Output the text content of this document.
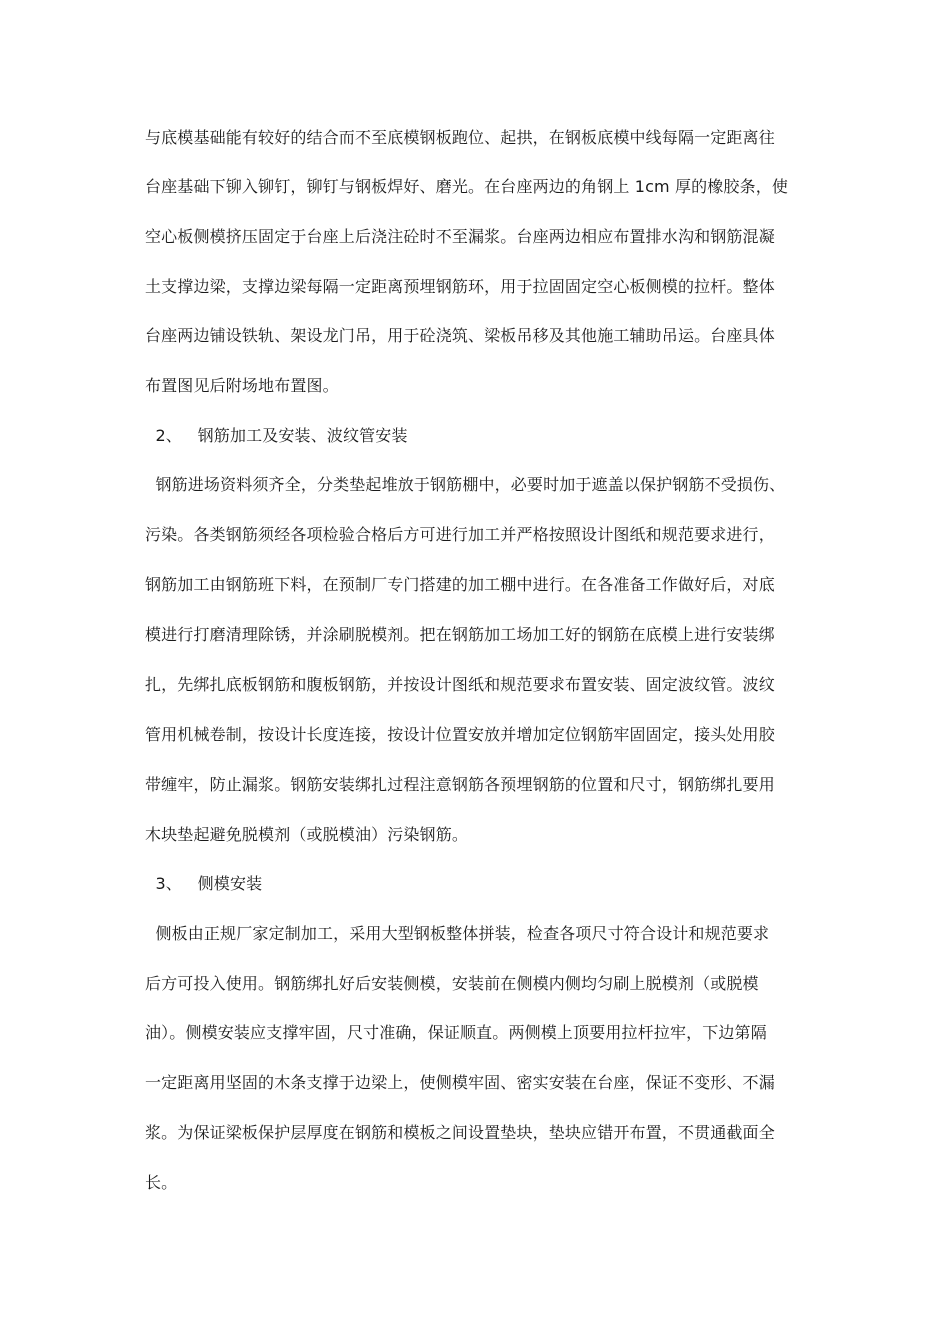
与底模基础能有较好的结合而不至底模钢板跑位、起拱，在钢板底模中线每隔一定距离往
台座基础下铆入铆钉，铆钉与钢板焊好、磨光。在台座两边的角钢上 1cm 厚的橡胶条，使
空心板侧模挤压固定于台座上后浇注砼时不至漏浆。台座两边相应布置排水沟和钢筋混凝
土支撑边梁，支撑边梁每隔一定距离预埋钢筋环，用于拉固固定空心板侧模的拉杆。整体
台座两边铺设铁轨、架设龙门吊，用于砼浇筑、梁板吊移及其他施工辅助吊运。台座具体
布置图见后附场地布置图。
2、   钢筋加工及安装、波纹管安装
钢筋进场资料须齐全，分类垫起堆放于钢筋棚中，必要时加于遮盖以保护钢筋不受损伤、
污染。各类钢筋须经各项检验合格后方可进行加工并严格按照设计图纸和规范要求进行，
钢筋加工由钢筋班下料，在预制厂专门搭建的加工棚中进行。在各准备工作做好后，对底
模进行打磨清理除锈，并涂刷脱模剂。把在钢筋加工场加工好的钢筋在底模上进行安装绑
扎，先绑扎底板钢筋和腹板钢筋，并按设计图纸和规范要求布置安装、固定波纹管。波纹
管用机械卷制，按设计长度连接，按设计位置安放并增加定位钢筋牢固固定，接头处用胶
带缠牢，防止漏浆。钢筋安装绑扎过程注意钢筋各预埋钢筋的位置和尺寸，钢筋绑扎要用
木块垫起避免脱模剂（或脱模油）污染钢筋。
3、   侧模安装
侧板由正规厂家定制加工，采用大型钢板整体拼装，检查各项尺寸符合设计和规范要求
后方可投入使用。钢筋绑扎好后安装侧模，安装前在侧模内侧均匀刷上脱模剂（或脱模
油）。侧模安装应支撑牢固，尺寸准确，保证顺直。两侧模上顶要用拉杆拉牢，下边第隔
一定距离用坚固的木条支撑于边梁上，使侧模牢固、密实安装在台座，保证不变形、不漏
浆。为保证梁板保护层厚度在钢筋和模板之间设置垫块，垫块应错开布置，不贯通截面全
长。
